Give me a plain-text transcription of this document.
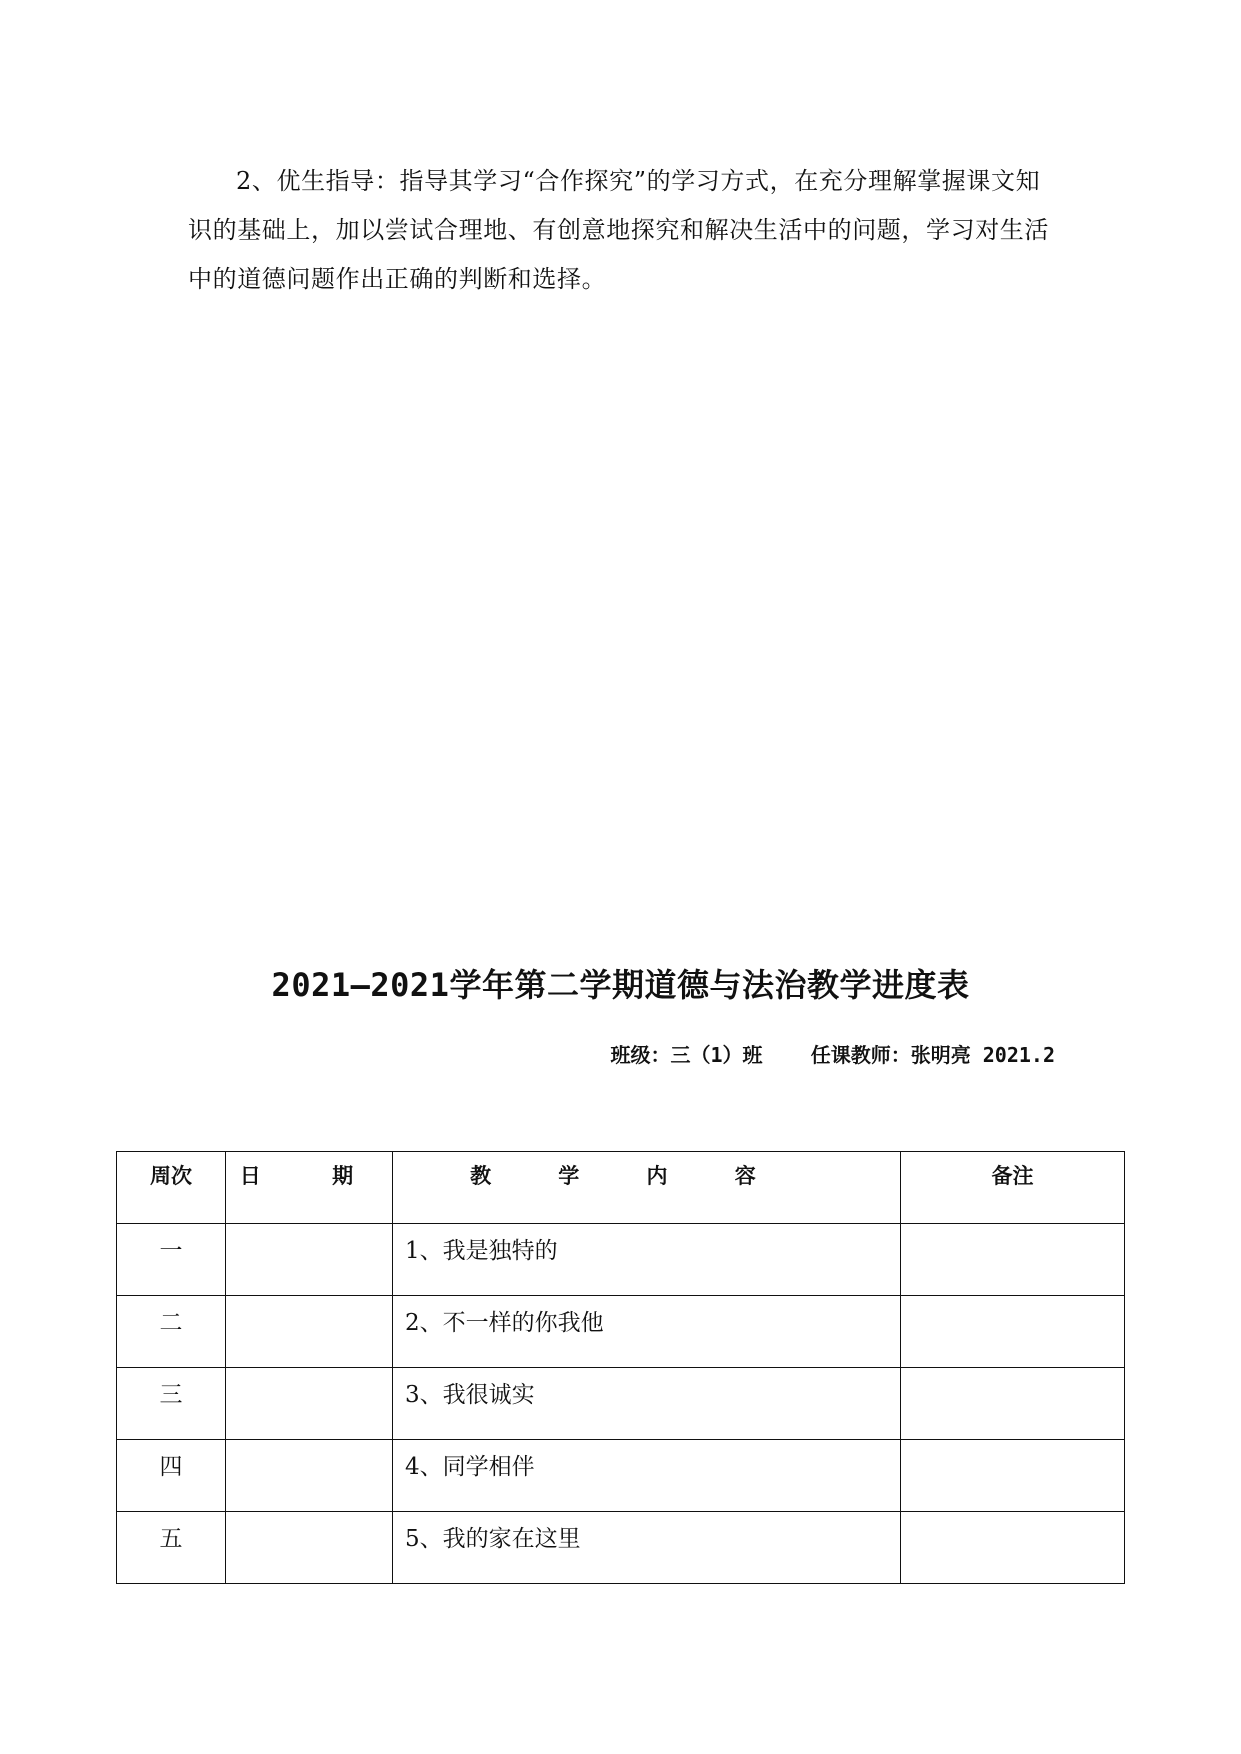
2、优生指导：指导其学习“合作探究”的学习方式，在充分理解掌握课文知识的基础上，加以尝试合理地、有创意地探究和解决生活中的问题，学习对生活中的道德问题作出正确的判断和选择。

2021—2021学年第二学期道德与法治教学进度表
班级：三（1）班 任课教师：张明亮 2021.2
周次	日　期	教学内容	备注
一		1、我是独特的	
二		2、不一样的你我他	
三		3、我很诚实	
四		4、同学相伴	
五		5、我的家在这里	
